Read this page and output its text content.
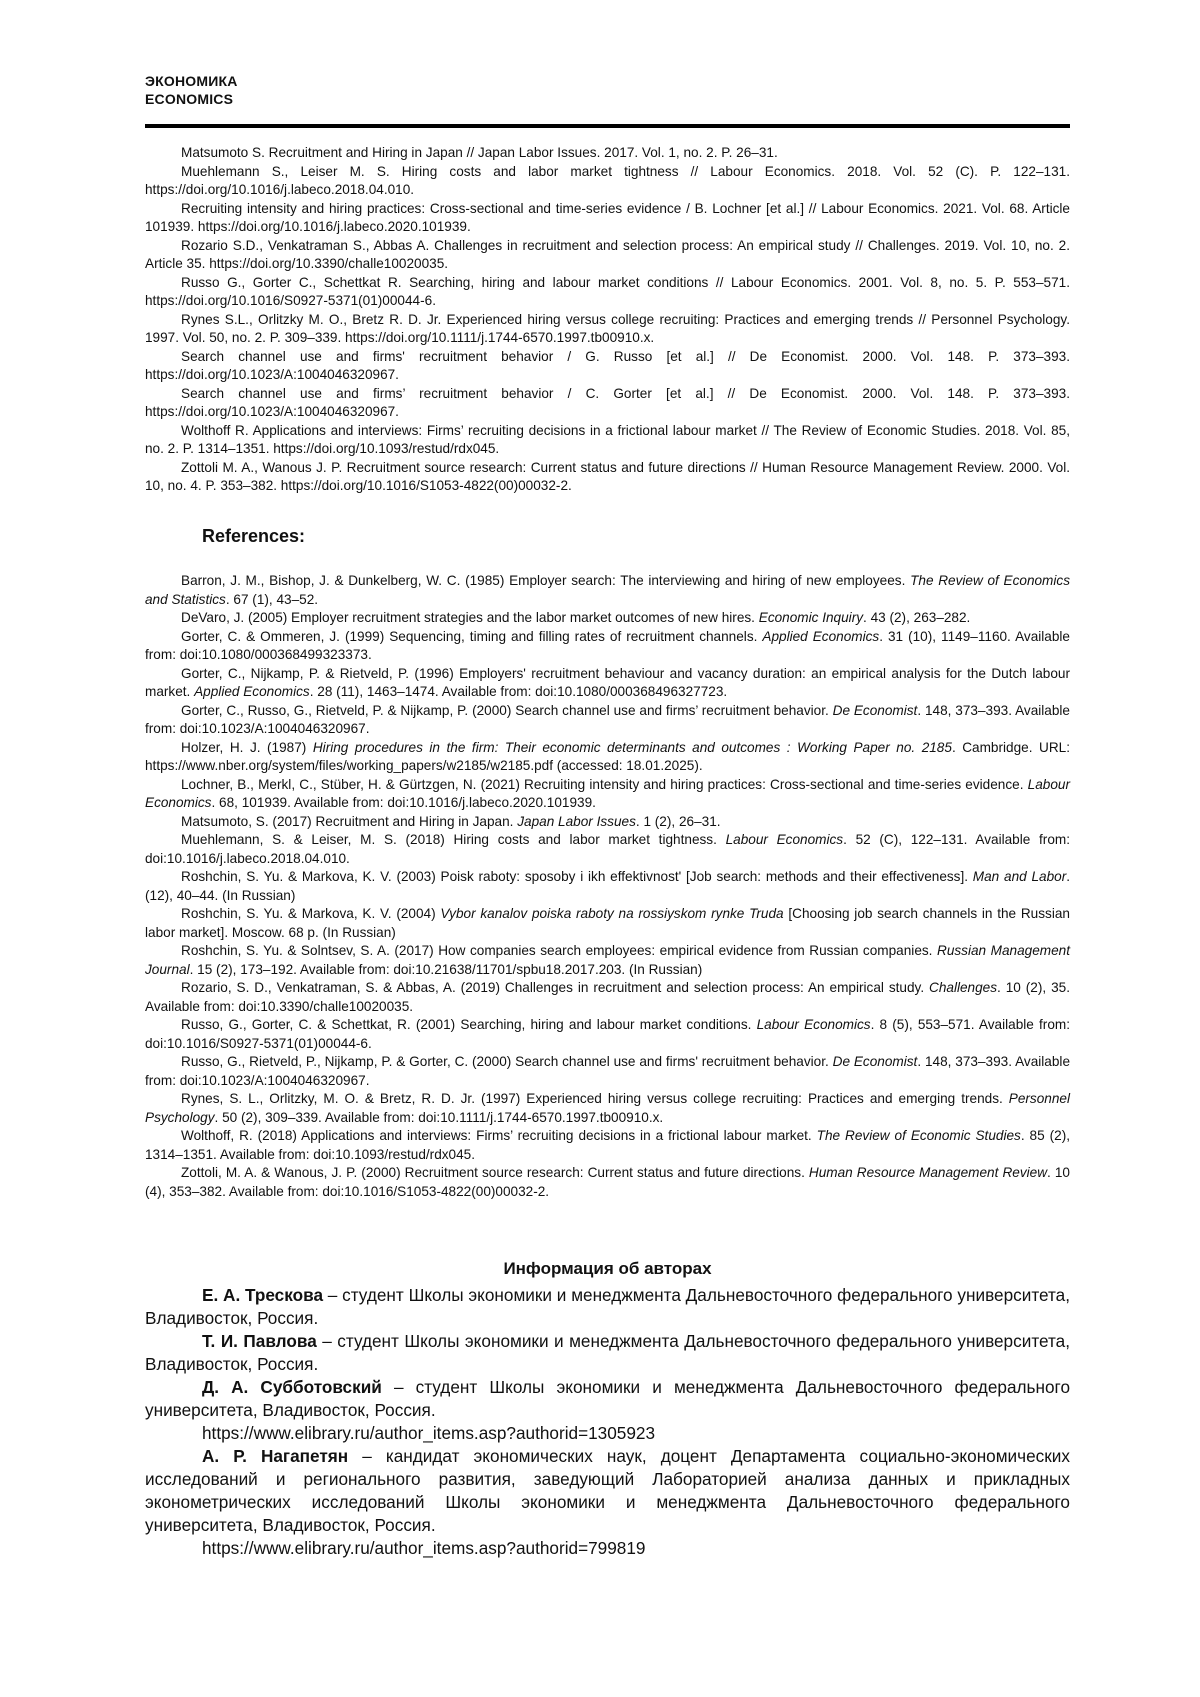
ЭКОНОМИКА
ECONOMICS

Matsumoto S. Recruitment and Hiring in Japan // Japan Labor Issues. 2017. Vol. 1, no. 2. P. 26–31.

Muehlemann S., Leiser M. S. Hiring costs and labor market tightness // Labour Economics. 2018. Vol. 52 (C). P. 122–131. https://doi.org/10.1016/j.labeco.2018.04.010.

Recruiting intensity and hiring practices: Cross-sectional and time-series evidence / B. Lochner [et al.] // Labour Economics. 2021. Vol. 68. Article 101939. https://doi.org/10.1016/j.labeco.2020.101939.

Rozario S.D., Venkatraman S., Abbas A. Challenges in recruitment and selection process: An empirical study // Challenges. 2019. Vol. 10, no. 2. Article 35. https://doi.org/10.3390/challe10020035.

Russo G., Gorter C., Schettkat R. Searching, hiring and labour market conditions // Labour Economics. 2001. Vol. 8, no. 5. P. 553–571. https://doi.org/10.1016/S0927-5371(01)00044-6.

Rynes S.L., Orlitzky M. O., Bretz R. D. Jr. Experienced hiring versus college recruiting: Practices and emerging trends // Personnel Psychology. 1997. Vol. 50, no. 2. P. 309–339. https://doi.org/10.1111/j.1744-6570.1997.tb00910.x.

Search channel use and firms' recruitment behavior / G. Russo [et al.] // De Economist. 2000. Vol. 148. P. 373–393. https://doi.org/10.1023/A:1004046320967.

Search channel use and firms’ recruitment behavior / C. Gorter [et al.] // De Economist. 2000. Vol. 148. P. 373–393. https://doi.org/10.1023/A:1004046320967.

Wolthoff R. Applications and interviews: Firms’ recruiting decisions in a frictional labour market // The Review of Economic Studies. 2018. Vol. 85, no. 2. P. 1314–1351. https://doi.org/10.1093/restud/rdx045.

Zottoli M. A., Wanous J. P. Recruitment source research: Current status and future directions // Human Resource Management Review. 2000. Vol. 10, no. 4. P. 353–382. https://doi.org/10.1016/S1053-4822(00)00032-2.

References:

Barron, J. M., Bishop, J. & Dunkelberg, W. C. (1985) Employer search: The interviewing and hiring of new employees. The Review of Economics and Statistics. 67 (1), 43–52.

DeVaro, J. (2005) Employer recruitment strategies and the labor market outcomes of new hires. Economic Inquiry. 43 (2), 263–282.

Gorter, C. & Ommeren, J. (1999) Sequencing, timing and filling rates of recruitment channels. Applied Economics. 31 (10), 1149–1160. Available from: doi:10.1080/000368499323373.

Gorter, C., Nijkamp, P. & Rietveld, P. (1996) Employers' recruitment behaviour and vacancy duration: an empirical analysis for the Dutch labour market. Applied Economics. 28 (11), 1463–1474. Available from: doi:10.1080/000368496327723.

Gorter, C., Russo, G., Rietveld, P. & Nijkamp, P. (2000) Search channel use and firms’ recruitment behavior. De Economist. 148, 373–393. Available from: doi:10.1023/A:1004046320967.

Holzer, H. J. (1987) Hiring procedures in the firm: Their economic determinants and outcomes : Working Paper no. 2185. Cambridge. URL: https://www.nber.org/system/files/working_papers/w2185/w2185.pdf (accessed: 18.01.2025).

Lochner, B., Merkl, C., Stüber, H. & Gürtzgen, N. (2021) Recruiting intensity and hiring practices: Cross-sectional and time-series evidence. Labour Economics. 68, 101939. Available from: doi:10.1016/j.labeco.2020.101939.

Matsumoto, S. (2017) Recruitment and Hiring in Japan. Japan Labor Issues. 1 (2), 26–31.

Muehlemann, S. & Leiser, M. S. (2018) Hiring costs and labor market tightness. Labour Economics. 52 (C), 122–131. Available from: doi:10.1016/j.labeco.2018.04.010.

Roshchin, S. Yu. & Markova, K. V. (2003) Poisk raboty: sposoby i ikh effektivnost' [Job search: methods and their effectiveness]. Man and Labor. (12), 40–44. (In Russian)

Roshchin, S. Yu. & Markova, K. V. (2004) Vybor kanalov poiska raboty na rossiyskom rynke Truda [Choosing job search channels in the Russian labor market]. Moscow. 68 p. (In Russian)

Roshchin, S. Yu. & Solntsev, S. A. (2017) How companies search employees: empirical evidence from Russian companies. Russian Management Journal. 15 (2), 173–192. Available from: doi:10.21638/11701/spbu18.2017.203. (In Russian)

Rozario, S. D., Venkatraman, S. & Abbas, A. (2019) Challenges in recruitment and selection process: An empirical study. Challenges. 10 (2), 35. Available from: doi:10.3390/challe10020035.

Russo, G., Gorter, C. & Schettkat, R. (2001) Searching, hiring and labour market conditions. Labour Economics. 8 (5), 553–571. Available from: doi:10.1016/S0927-5371(01)00044-6.

Russo, G., Rietveld, P., Nijkamp, P. & Gorter, C. (2000) Search channel use and firms' recruitment behavior. De Economist. 148, 373–393. Available from: doi:10.1023/A:1004046320967.

Rynes, S. L., Orlitzky, M. O. & Bretz, R. D. Jr. (1997) Experienced hiring versus college recruiting: Practices and emerging trends. Personnel Psychology. 50 (2), 309–339. Available from: doi:10.1111/j.1744-6570.1997.tb00910.x.

Wolthoff, R. (2018) Applications and interviews: Firms’ recruiting decisions in a frictional labour market. The Review of Economic Studies. 85 (2), 1314–1351. Available from: doi:10.1093/restud/rdx045.

Zottoli, M. A. & Wanous, J. P. (2000) Recruitment source research: Current status and future directions. Human Resource Management Review. 10 (4), 353–382. Available from: doi:10.1016/S1053-4822(00)00032-2.

Информация об авторах

Е. А. Трескова – студент Школы экономики и менеджмента Дальневосточного федерального университета, Владивосток, Россия.

Т. И. Павлова – студент Школы экономики и менеджмента Дальневосточного федерального университета, Владивосток, Россия.

Д. А. Субботовский – студент Школы экономики и менеджмента Дальневосточного федерального университета, Владивосток, Россия.

https://www.elibrary.ru/author_items.asp?authorid=1305923

А. Р. Нагапетян – кандидат экономических наук, доцент Департамента социально-экономических исследований и регионального развития, заведующий Лабораторией анализа данных и прикладных эконометрических исследований Школы экономики и менеджмента Дальневосточного федерального университета, Владивосток, Россия.

https://www.elibrary.ru/author_items.asp?authorid=799819
